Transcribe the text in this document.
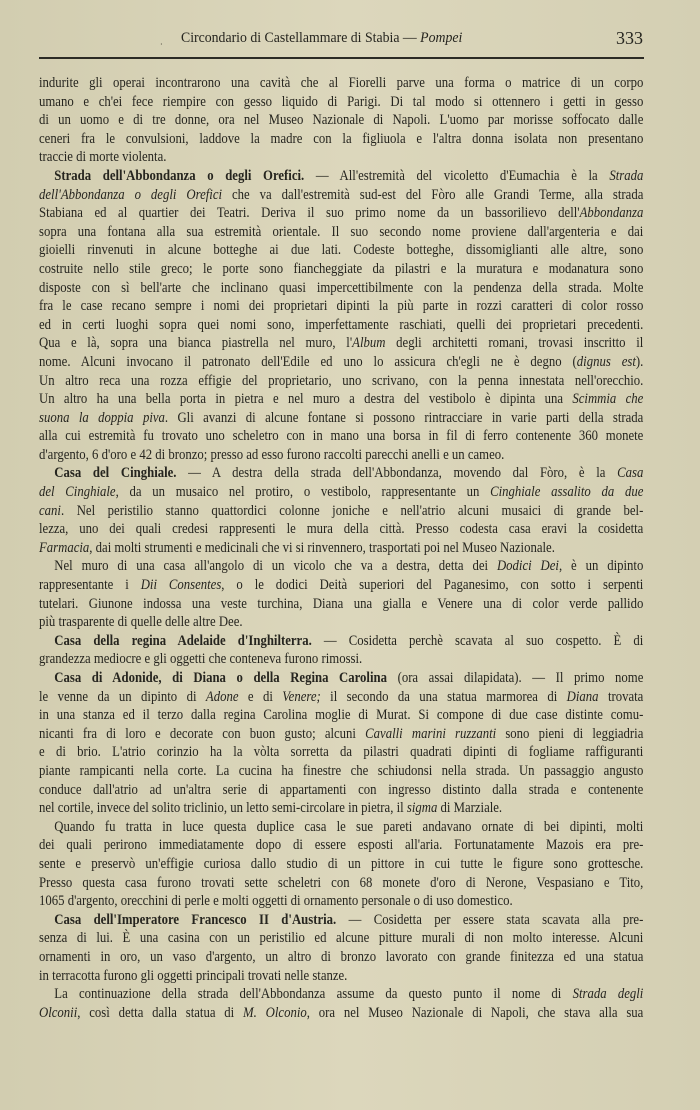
· Circondario di Castellammare di Stabia — Pompei	333
indurite gli operai incontrarono una cavità che al Fiorelli parve una forma o matrice di un corpo
umano e ch'ei fece riempire con gesso liquido di Parigi. Di tal modo si ottennero i getti in gesso
di un uomo e di tre donne, ora nel Museo Nazionale di Napoli. L'uomo par morisse soffocato dalle
ceneri fra le convulsioni, laddove la madre con la figliuola e l'altra donna isolata non presentano
traccie di morte violenta.
Strada dell'Abbondanza o degli Orefici. — All'estremità del vicoletto d'Eumachia è la Strada
dell'Abbondanza o degli Orefici che va dall'estremità sud-est del Fòro alle Grandi Terme, alla strada
Stabiana ed al quartier dei Teatri. Deriva il suo primo nome da un bassorilievo dell'Abbondanza
sopra una fontana alla sua estremità orientale. Il suo secondo nome proviene dall'argenteria e dai
gioielli rinvenuti in alcune botteghe ai due lati. Codeste botteghe, dissomiglianti alle altre, sono
costruite nello stile greco; le porte sono fiancheggiate da pilastri e la muratura e modanatura sono
disposte con sì bell'arte che inclinano quasi impercettibilmente con la pendenza della strada. Molte
fra le case recano sempre i nomi dei proprietari dipinti la più parte in rozzi caratteri di color rosso
ed in certi luoghi sopra quei nomi sono, imperfettamente raschiati, quelli dei proprietari precedenti.
Qua e là, sopra una bianca piastrella nel muro, l'Album degli architetti romani, trovasi inscritto il
nome. Alcuni invocano il patronato dell'Edile ed uno lo assicura ch'egli ne è degno (dignus est).
Un altro reca una rozza effigie del proprietario, uno scrivano, con la penna innestata nell'orecchio.
Un altro ha una bella porta in pietra e nel muro a destra del vestibolo è dipinta una Scimmia che
suona la doppia piva. Gli avanzi di alcune fontane si possono rintracciare in varie parti della strada
alla cui estremità fu trovato uno scheletro con in mano una borsa in fil di ferro contenente 360 monete
d'argento, 6 d'oro e 42 di bronzo; presso ad esso furono raccolti parecchi anelli e un cameo.
Casa del Cinghiale. — A destra della strada dell'Abbondanza, movendo dal Fòro, è la Casa
del Cinghiale, da un musaico nel protiro, o vestibolo, rappresentante un Cinghiale assalito da due
cani. Nel peristilio stanno quattordici colonne joniche e nell'atrio alcuni musaici di grande bel-
lezza, uno dei quali credesi rappresenti le mura della città. Presso codesta casa eravi la cosidetta
Farmacia, dai molti strumenti e medicinali che vi si rinvennero, trasportati poi nel Museo Nazionale.
Nel muro di una casa all'angolo di un vicolo che va a destra, detta dei Dodici Dei, è un dipinto
rappresentante i Dii Consentes, o le dodici Deità superiori del Paganesimo, con sotto i serpenti
tutelari. Giunone indossa una veste turchina, Diana una gialla e Venere una di color verde pallido
più trasparente di quelle delle altre Dee.
Casa della regina Adelaide d'Inghilterra. — Cosidetta perchè scavata al suo cospetto. È di
grandezza mediocre e gli oggetti che conteneva furono rimossi.
Casa di Adonide, di Diana o della Regina Carolina (ora assai dilapidata). — Il primo nome
le venne da un dipinto di Adone e di Venere; il secondo da una statua marmorea di Diana trovata
in una stanza ed il terzo dalla regina Carolina moglie di Murat. Si compone di due case distinte comu-
nicanti fra di loro e decorate con buon gusto; alcuni Cavalli marini ruzzanti sono pieni di leggiadria
e di brio. L'atrio corinzio ha la vòlta sorretta da pilastri quadrati dipinti di fogliame raffiguranti
piante rampicanti nella corte. La cucina ha finestre che schiudonsi nella strada. Un passaggio angusto
conduce dall'atrio ad un'altra serie di appartamenti con ingresso distinto dalla strada e contenente
nel cortile, invece del solito triclinio, un letto semi-circolare in pietra, il sigma di Marziale.
Quando fu tratta in luce questa duplice casa le sue pareti andavano ornate di bei dipinti, molti
dei quali perirono immediatamente dopo di essere esposti all'aria. Fortunatamente Mazois era pre-
sente e preservò un'effigie curiosa dallo studio di un pittore in cui tutte le figure sono grottesche.
Presso questa casa furono trovati sette scheletri con 68 monete d'oro di Nerone, Vespasiano e Tito,
1065 d'argento, orecchini di perle e molti oggetti di ornamento personale o di uso domestico.
Casa dell'Imperatore Francesco II d'Austria. — Cosidetta per essere stata scavata alla pre-
senza di lui. È una casina con un peristilio ed alcune pitture murali di non molto interesse. Alcuni
ornamenti in oro, un vaso d'argento, un altro di bronzo lavorato con grande finitezza ed una statua
in terracotta furono gli oggetti principali trovati nelle stanze.
La continuazione della strada dell'Abbondanza assume da questo punto il nome di Strada degli
Olconii, così detta dalla statua di M. Olconio, ora nel Museo Nazionale di Napoli, che stava alla sua
